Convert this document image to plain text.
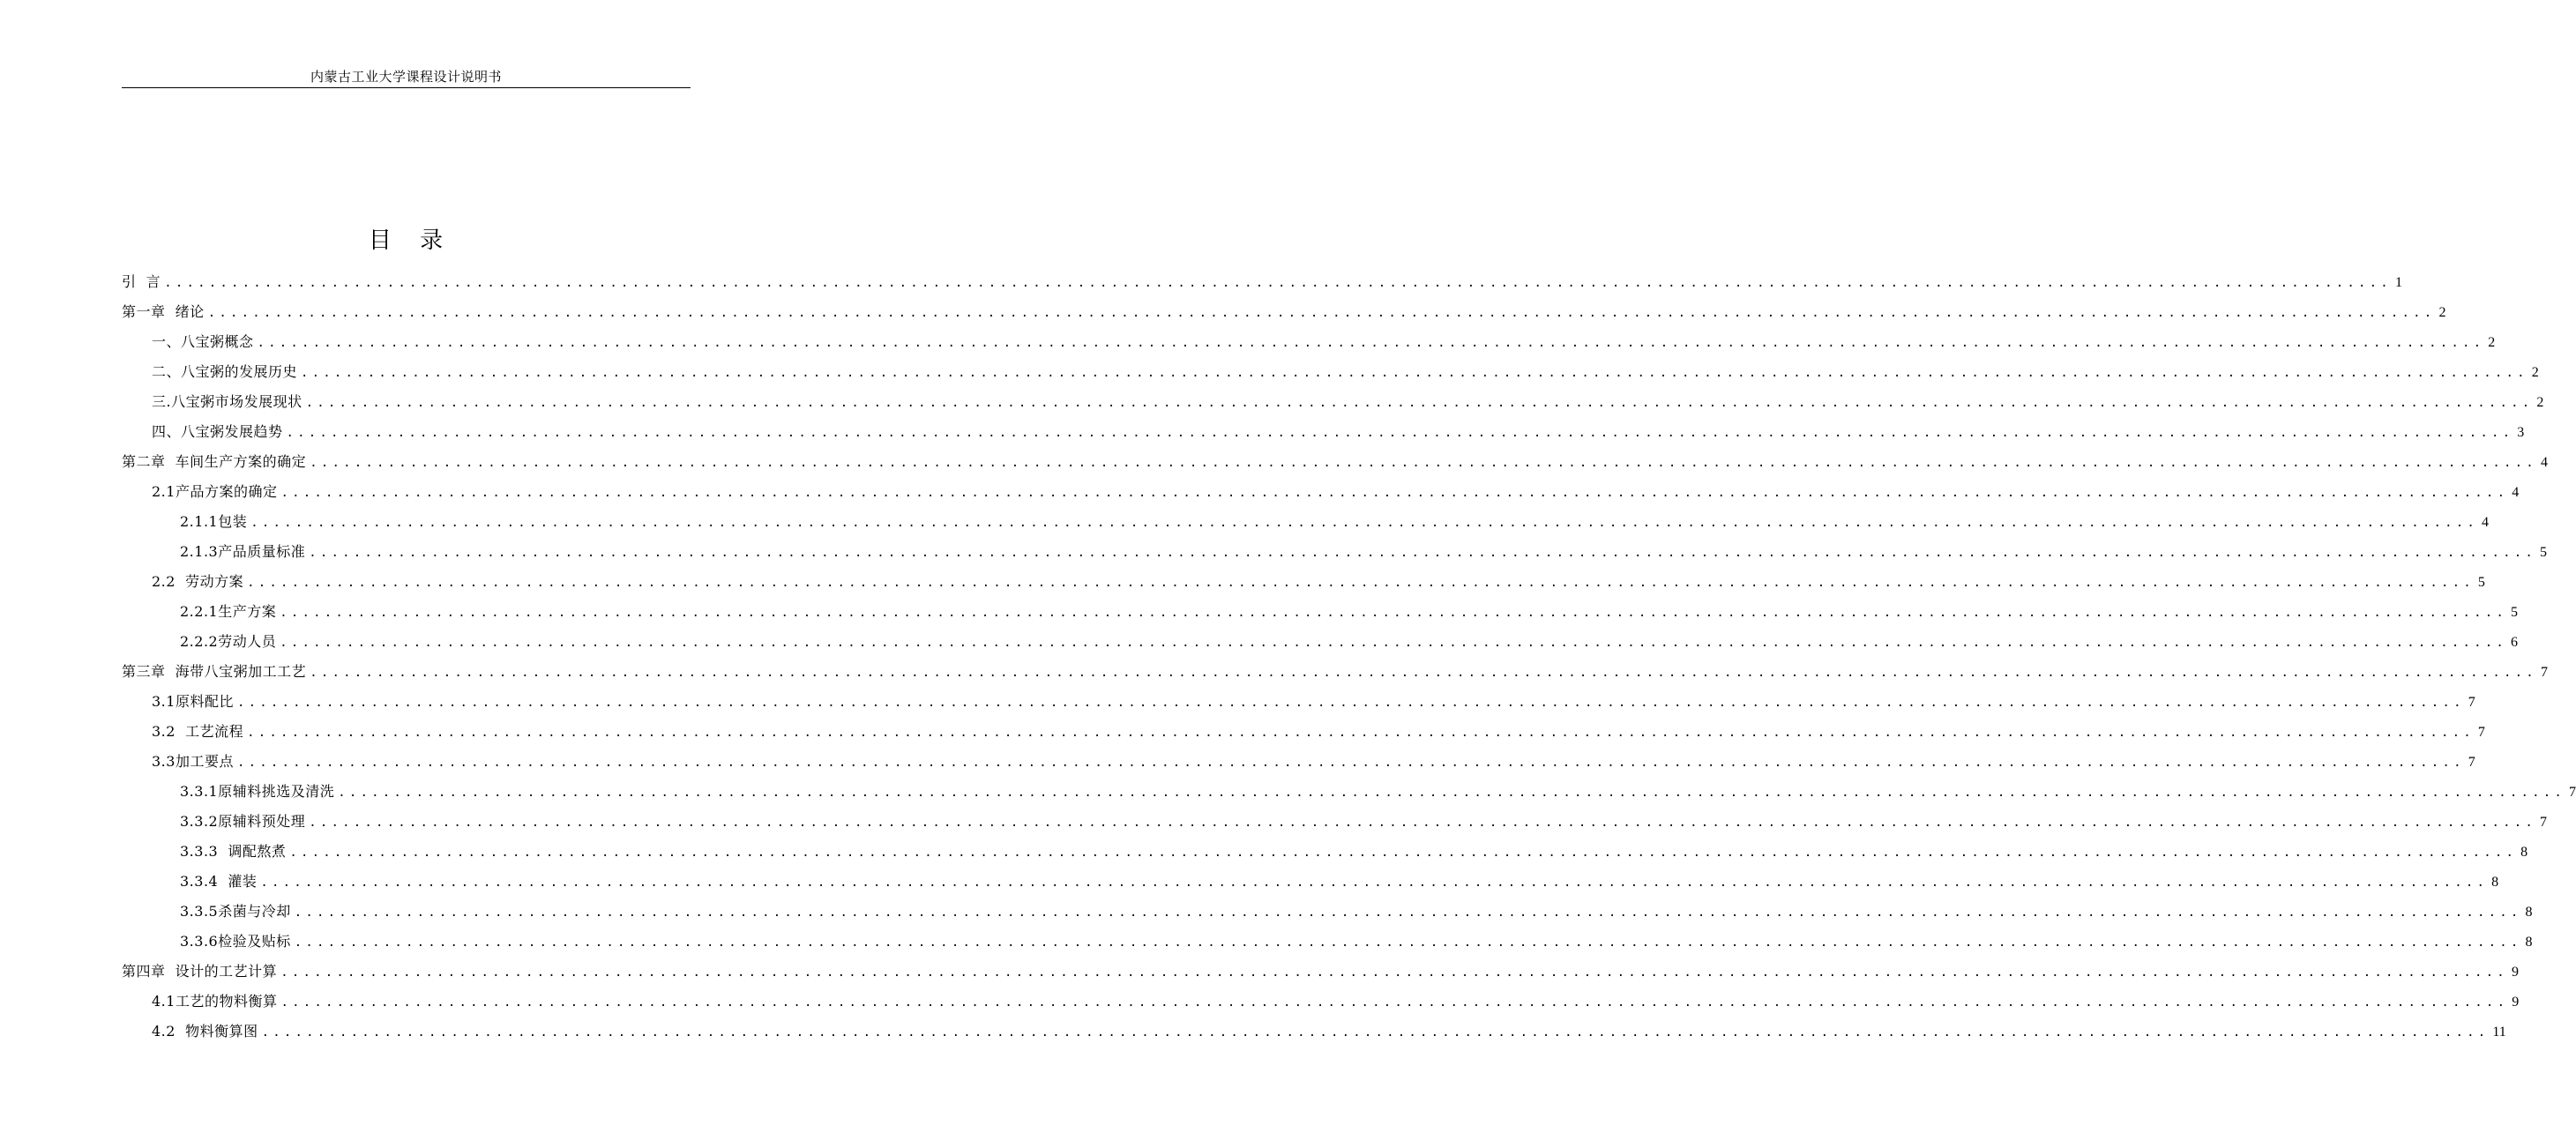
内蒙古工业大学课程设计说明书
目 录
引  言 ........................................................................................................................................................................................................ 1
第一章  绪论 ........................................................................................................................................................................................................ 2
一、八宝粥概念 ........................................................................................................................................................................................................ 2
二、八宝粥的发展历史 ........................................................................................................................................................................................................ 2
三.八宝粥市场发展现状 ........................................................................................................................................................................................................ 2
四、八宝粥发展趋势 ........................................................................................................................................................................................................ 3
第二章  车间生产方案的确定 ........................................................................................................................................................................................................ 4
2.1产品方案的确定 ........................................................................................................................................................................................................ 4
2.1.1包装 ........................................................................................................................................................................................................ 4
2.1.3产品质量标准 ........................................................................................................................................................................................................ 5
2.2  劳动方案 ........................................................................................................................................................................................................ 5
2.2.1生产方案 ........................................................................................................................................................................................................ 5
2.2.2劳动人员 ........................................................................................................................................................................................................ 6
第三章  海带八宝粥加工工艺 ........................................................................................................................................................................................................ 7
3.1原料配比 ........................................................................................................................................................................................................ 7
3.2  工艺流程 ........................................................................................................................................................................................................ 7
3.3加工要点 ........................................................................................................................................................................................................ 7
3.3.1原辅料挑选及清洗 ........................................................................................................................................................................................................ 7
3.3.2原辅料预处理 ........................................................................................................................................................................................................ 7
3.3.3  调配熬煮 ........................................................................................................................................................................................................ 8
3.3.4  灌装 ........................................................................................................................................................................................................ 8
3.3.5杀菌与冷却 ........................................................................................................................................................................................................ 8
3.3.6检验及贴标 ........................................................................................................................................................................................................ 8
第四章  设计的工艺计算 ........................................................................................................................................................................................................ 9
4.1工艺的物料衡算 ........................................................................................................................................................................................................ 9
4.2  物料衡算图 ........................................................................................................................................................................................................ 11
